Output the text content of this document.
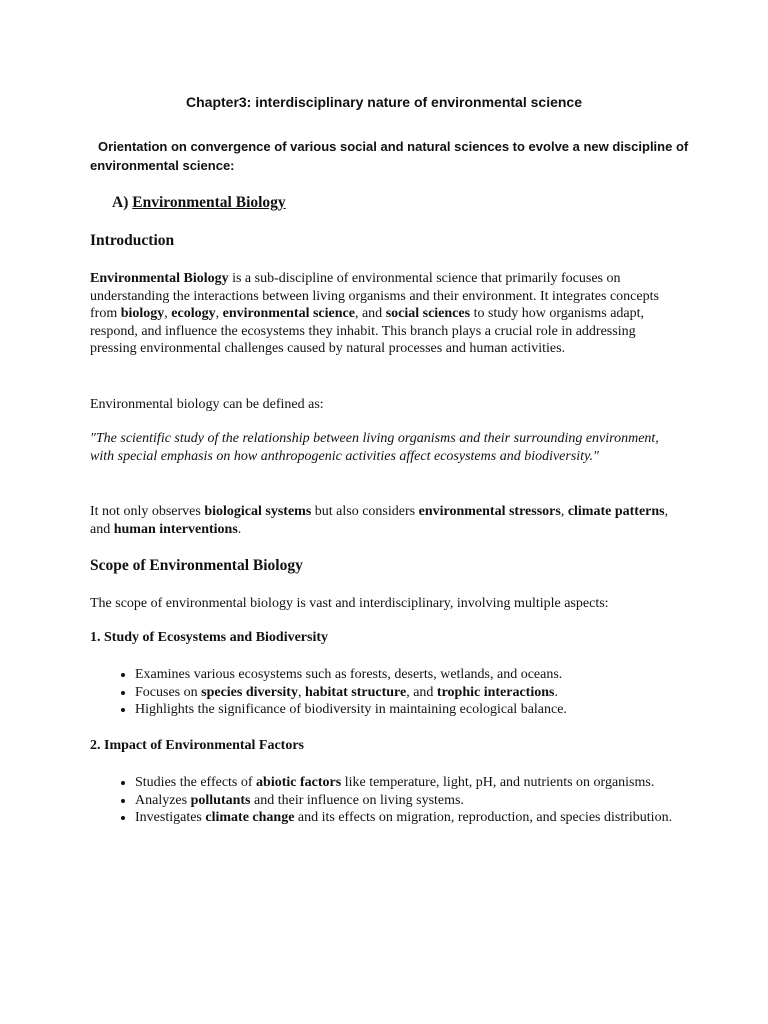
Chapter3: interdisciplinary nature of environmental science

Orientation on convergence of various social and natural sciences to evolve a new discipline of environmental science:

A) Environmental Biology
Introduction

Environmental Biology is a sub-discipline of environmental science that primarily focuses on understanding the interactions between living organisms and their environment. It integrates concepts from biology, ecology, environmental science, and social sciences to study how organisms adapt, respond, and influence the ecosystems they inhabit. This branch plays a crucial role in addressing pressing environmental challenges caused by natural processes and human activities.

Environmental biology can be defined as:

"The scientific study of the relationship between living organisms and their surrounding environment, with special emphasis on how anthropogenic activities affect ecosystems and biodiversity."

It not only observes biological systems but also considers environmental stressors, climate patterns, and human interventions.

Scope of Environmental Biology

The scope of environmental biology is vast and interdisciplinary, involving multiple aspects:

1. Study of Ecosystems and Biodiversity
• Examines various ecosystems such as forests, deserts, wetlands, and oceans.
• Focuses on species diversity, habitat structure, and trophic interactions.
• Highlights the significance of biodiversity in maintaining ecological balance.
2. Impact of Environmental Factors
• Studies the effects of abiotic factors like temperature, light, pH, and nutrients on organisms.
• Analyzes pollutants and their influence on living systems.
• Investigates climate change and its effects on migration, reproduction, and species distribution.
